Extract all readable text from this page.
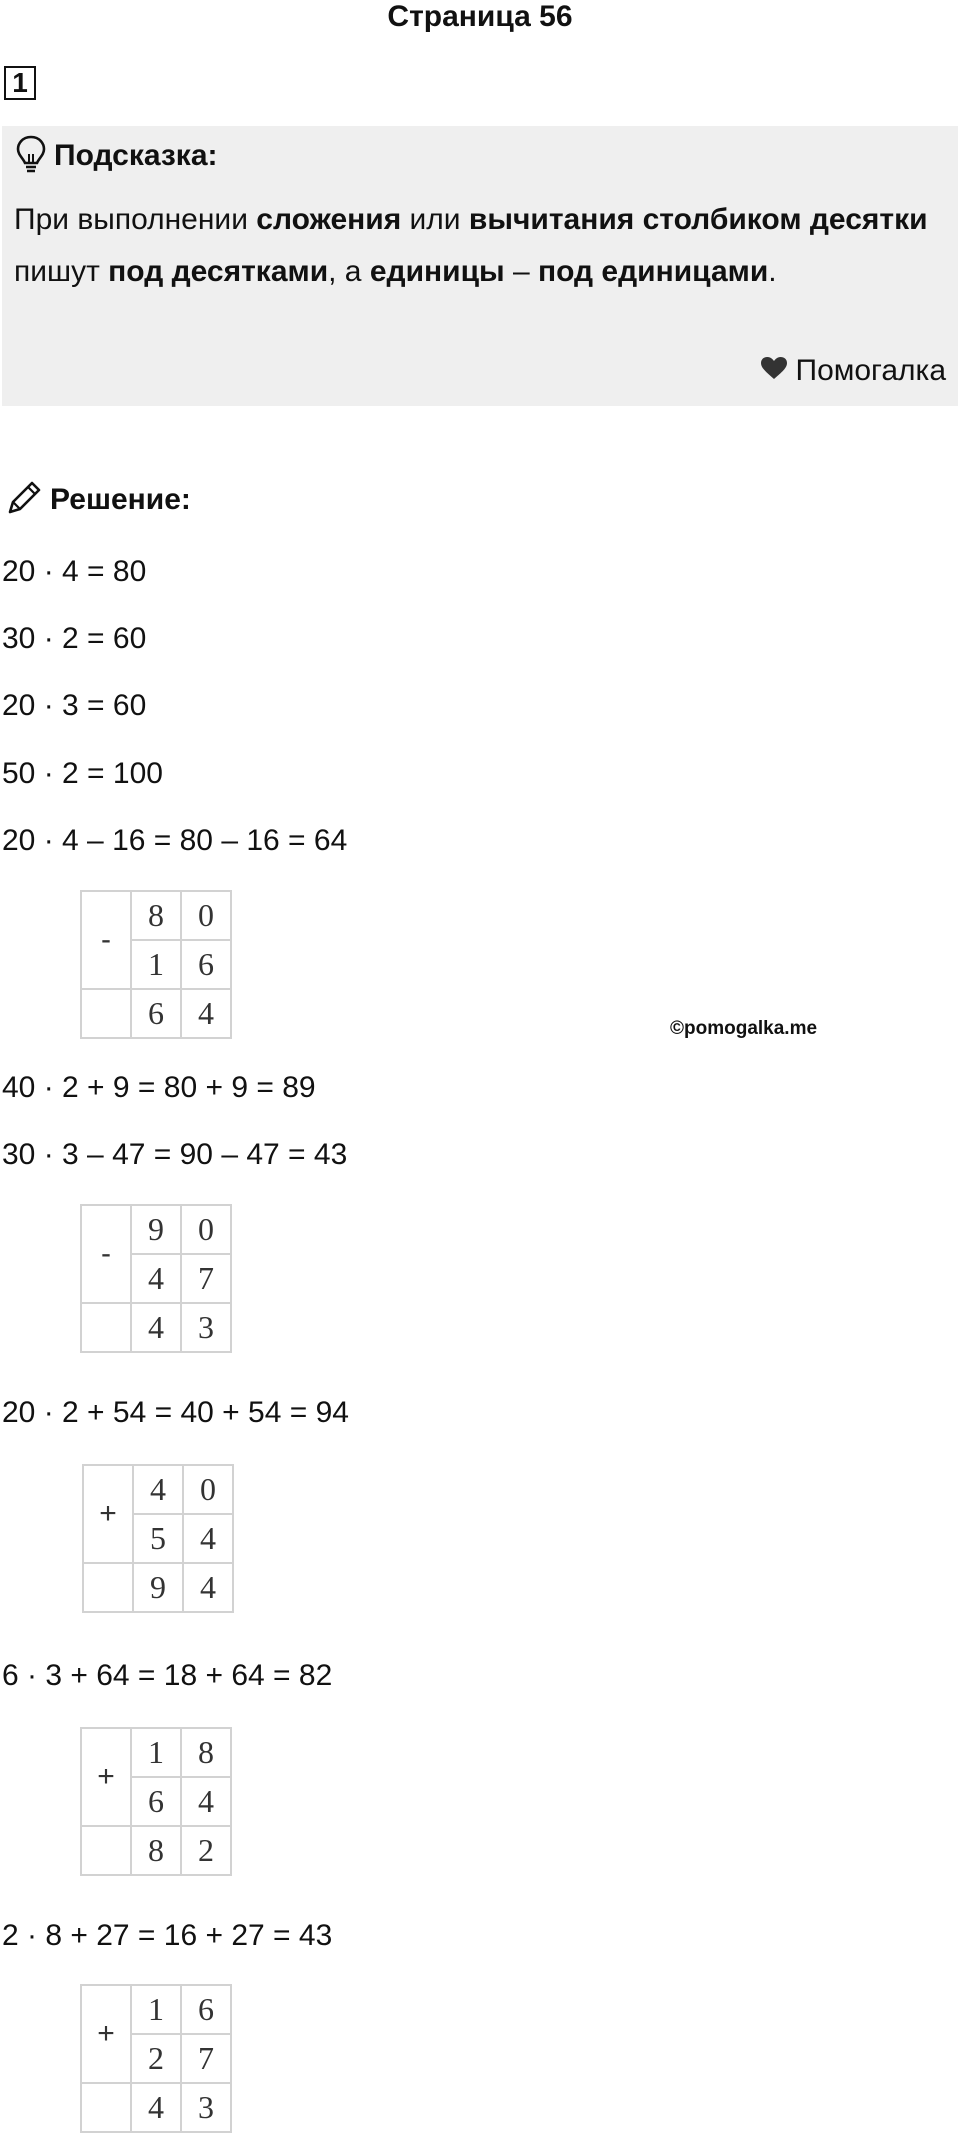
Страница 56
1
Подсказка:
При выполнении сложения или вычитания столбиком десятки пишут под десятками, а единицы – под единицами.
Помогалка
Решение:
20 · 4 = 80
30 · 2 = 60
20 · 3 = 60
50 · 2 = 100
20 · 4 – 16 = 80 – 16 = 64
-	8	0
	1	6
	6	4	©pomogalka.me
40 · 2 + 9 = 80 + 9 = 89
30 · 3 – 47 = 90 – 47 = 43
-	9	0
	4	7
	4	3
20 · 2 + 54 = 40 + 54 = 94
+	4	0
	5	4
	9	4
6 · 3 + 64 = 18 + 64 = 82
+	1	8
	6	4
	8	2
2 · 8 + 27 = 16 + 27 = 43
+	1	6
	2	7
	4	3
